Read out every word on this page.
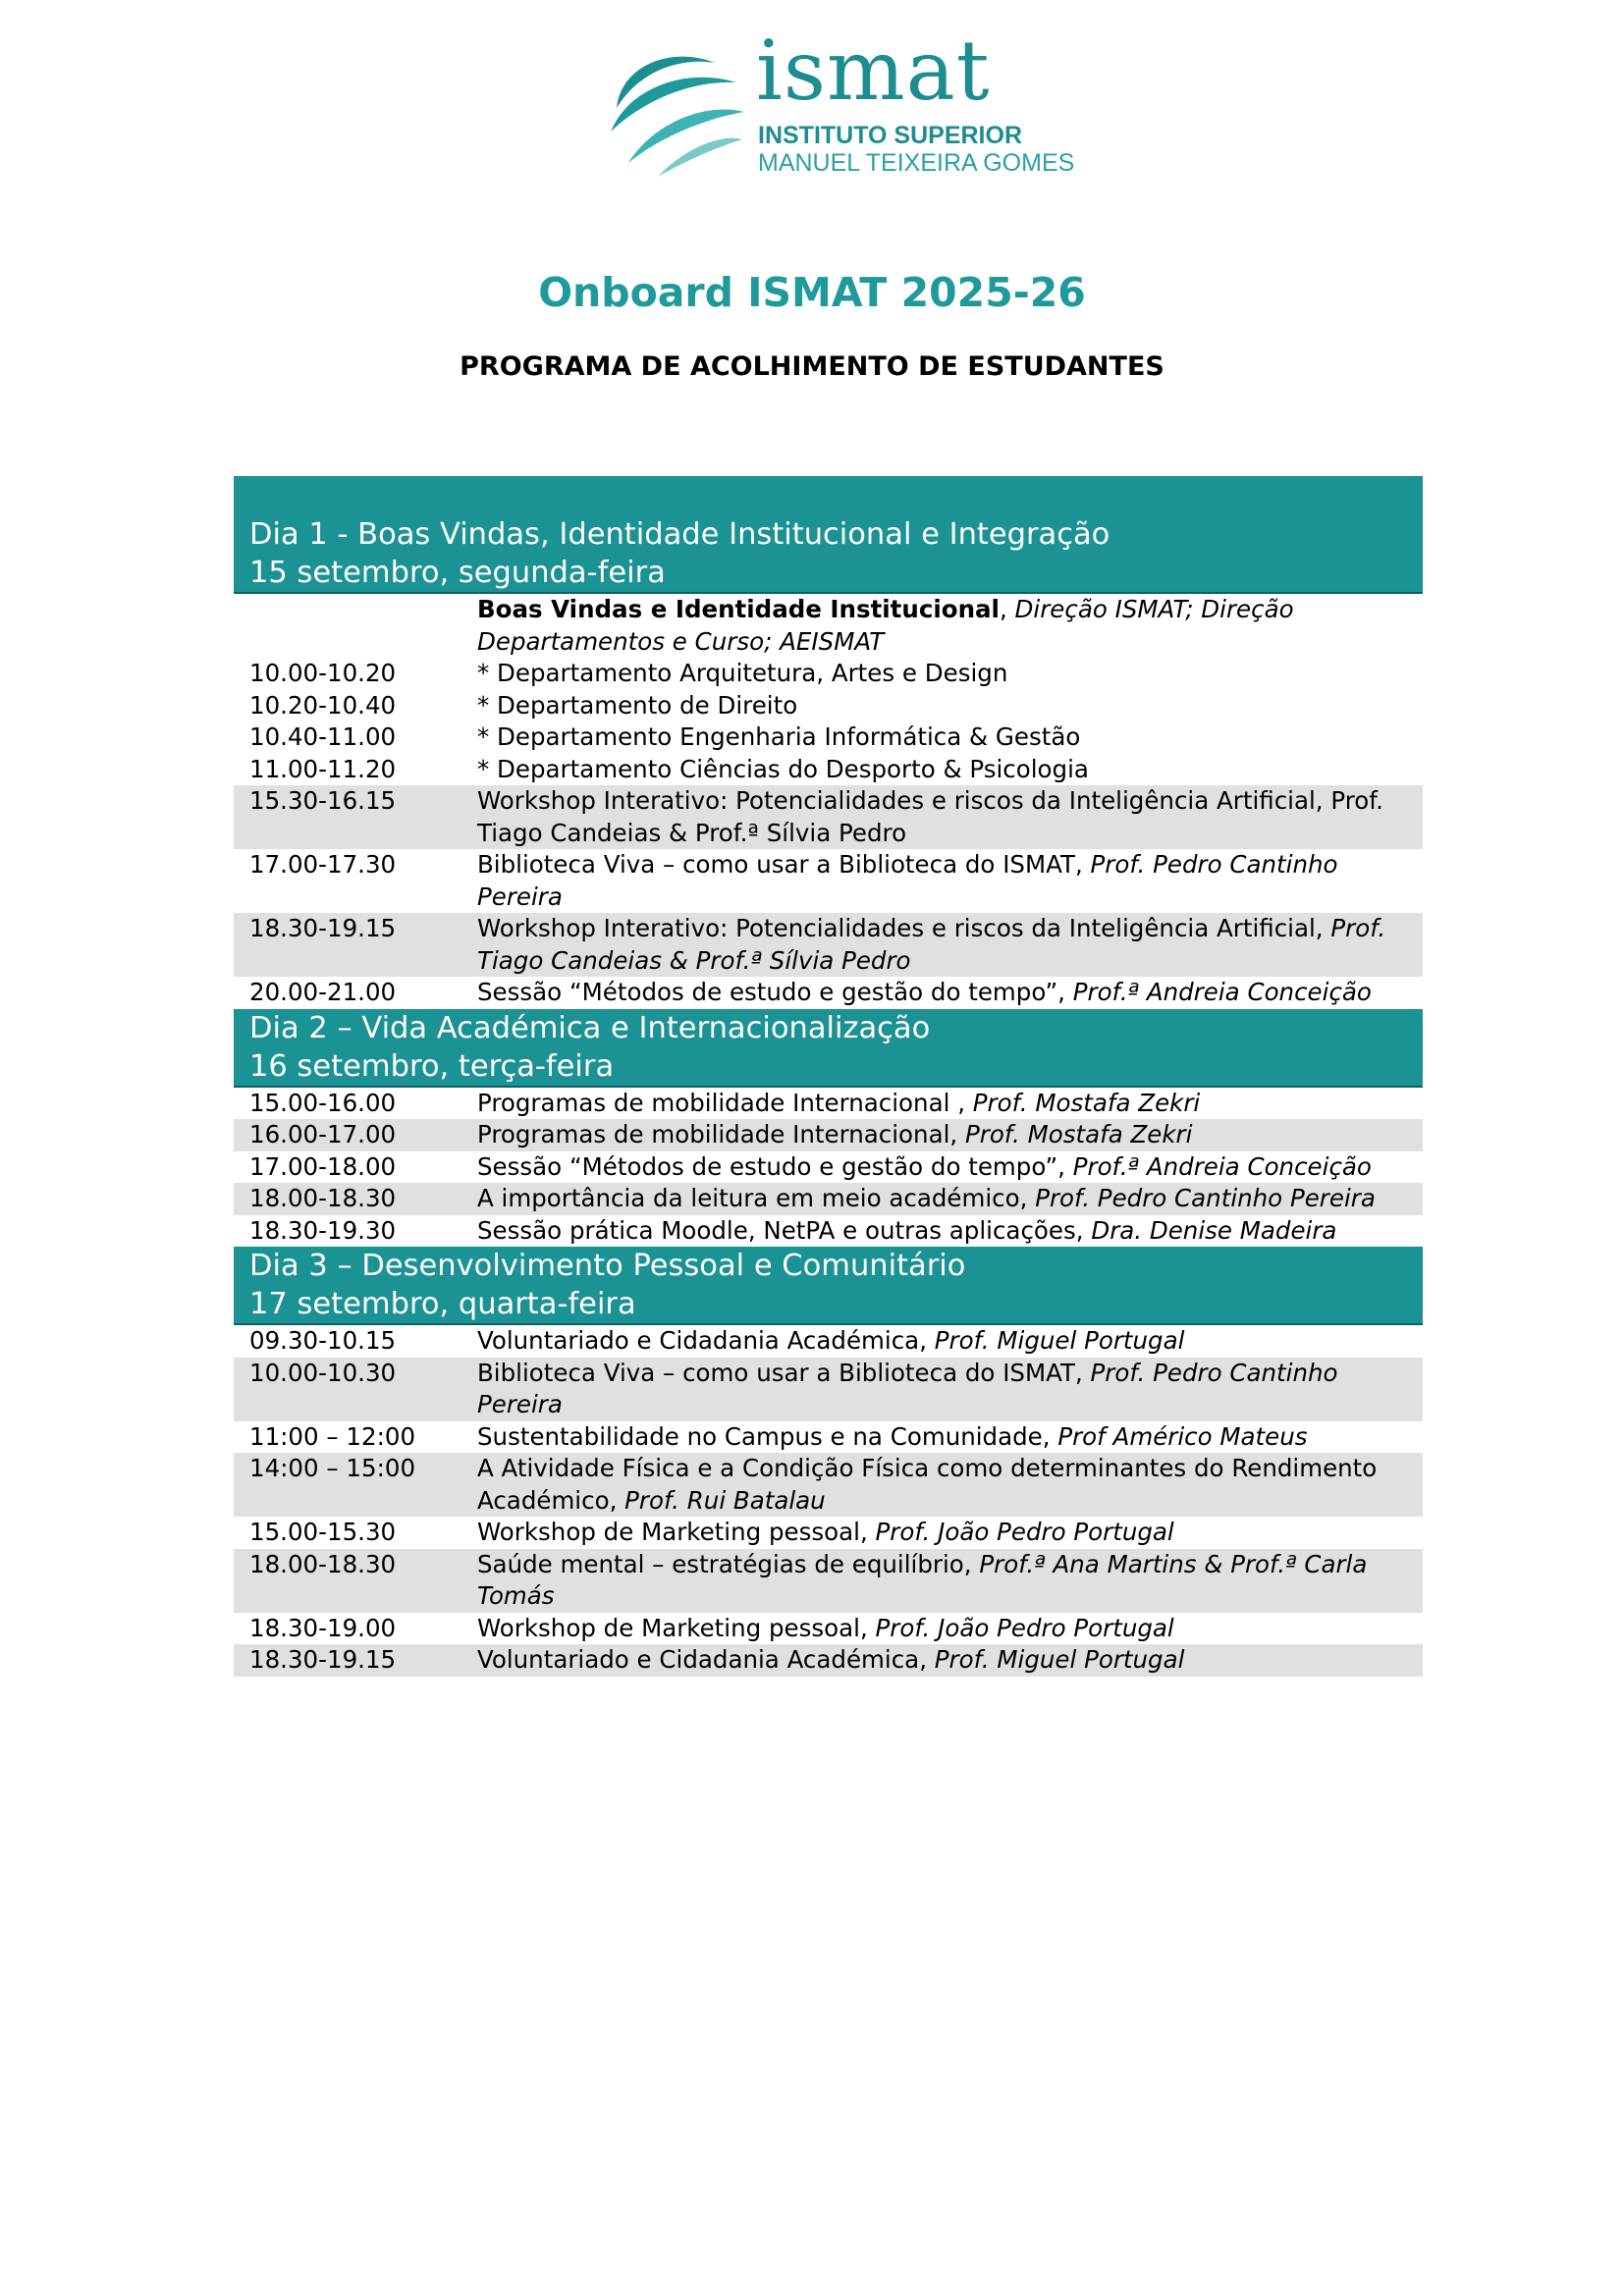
ismat
INSTITUTO SUPERIOR
MANUEL TEIXEIRA GOMES
Onboard ISMAT 2025-26
PROGRAMA DE ACOLHIMENTO DE ESTUDANTES
Dia 1 - Boas Vindas, Identidade Institucional e Integração
15 setembro, segunda-feira
Boas Vindas e Identidade Institucional, Direção ISMAT; Direção Departamentos e Curso; AEISMAT
10.00-10.20	* Departamento Arquitetura, Artes e Design
10.20-10.40	* Departamento de Direito
10.40-11.00	* Departamento Engenharia Informática & Gestão
11.00-11.20	* Departamento Ciências do Desporto & Psicologia
15.30-16.15	Workshop Interativo: Potencialidades e riscos da Inteligência Artificial, Prof. Tiago Candeias & Prof.ª Sílvia Pedro
17.00-17.30	Biblioteca Viva – como usar a Biblioteca do ISMAT, Prof. Pedro Cantinho Pereira
18.30-19.15	Workshop Interativo: Potencialidades e riscos da Inteligência Artificial, Prof. Tiago Candeias & Prof.ª Sílvia Pedro
20.00-21.00	Sessão “Métodos de estudo e gestão do tempo”, Prof.ª Andreia Conceição
Dia 2 – Vida Académica e Internacionalização
16 setembro, terça-feira
15.00-16.00	Programas de mobilidade Internacional , Prof. Mostafa Zekri
16.00-17.00	Programas de mobilidade Internacional, Prof. Mostafa Zekri
17.00-18.00	Sessão “Métodos de estudo e gestão do tempo”, Prof.ª Andreia Conceição
18.00-18.30	A importância da leitura em meio académico, Prof. Pedro Cantinho Pereira
18.30-19.30	Sessão prática Moodle, NetPA e outras aplicações, Dra. Denise Madeira
Dia 3 – Desenvolvimento Pessoal e Comunitário
17 setembro, quarta-feira
09.30-10.15	Voluntariado e Cidadania Académica, Prof. Miguel Portugal
10.00-10.30	Biblioteca Viva – como usar a Biblioteca do ISMAT, Prof. Pedro Cantinho Pereira
11:00 – 12:00	Sustentabilidade no Campus e na Comunidade, Prof Américo Mateus
14:00 – 15:00	A Atividade Física e a Condição Física como determinantes do Rendimento Académico, Prof. Rui Batalau
15.00-15.30	Workshop de Marketing pessoal, Prof. João Pedro Portugal
18.00-18.30	Saúde mental – estratégias de equilíbrio, Prof.ª Ana Martins & Prof.ª Carla Tomás
18.30-19.00	Workshop de Marketing pessoal, Prof. João Pedro Portugal
18.30-19.15	Voluntariado e Cidadania Académica, Prof. Miguel Portugal
